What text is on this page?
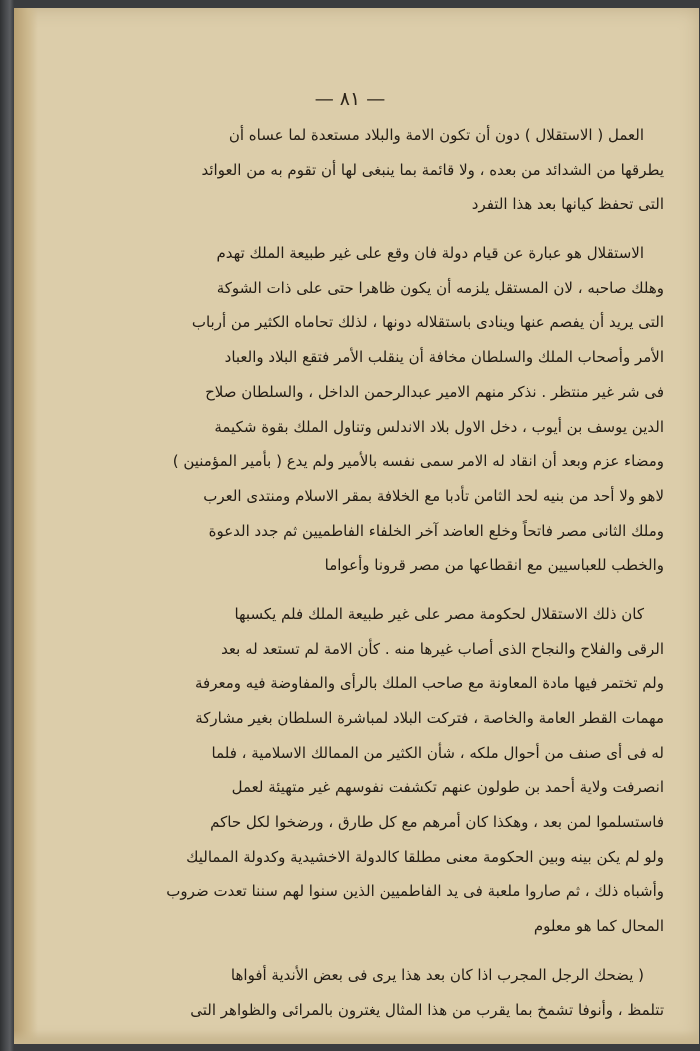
— ٨١ —
العمل ( الاستقلال ) دون أن تكون الامة والبلاد مستعدة لما عساه أن
يطرقها من الشدائد من بعده ، ولا قائمة بما ينبغى لها أن تقوم به من العوائد
التى تحفظ كيانها بعد هذا التفرد
الاستقلال هو عبارة عن قيام دولة فان وقع على غير طبيعة الملك تهدم
وهلك صاحبه ، لان المستقل يلزمه أن يكون ظاهرا حتى على ذات الشوكة
التى يريد أن يفصم عنها وينادى باستقلاله دونها ، لذلك تحاماه الكثير من أرباب
الأمر وأصحاب الملك والسلطان مخافة أن ينقلب الأمر فتقع البلاد والعباد
فى شر غير منتظر . نذكر منهم الامير عبدالرحمن الداخل ، والسلطان صلاح
الدين يوسف بن أيوب ، دخل الاول بلاد الاندلس وتناول الملك بقوة شكيمة
ومضاء عزم وبعد أن انقاد له الامر سمى نفسه بالأمير ولم يدع ( بأمير المؤمنين )
لاهو ولا أحد من بنيه لحد الثامن تأدبا مع الخلافة بمقر الاسلام ومنتدى العرب
وملك الثانى مصر فاتحاً وخلع العاضد آخر الخلفاء الفاطميين ثم جدد الدعوة
والخطب للعباسيين مع انقطاعها من مصر قرونا وأعواما
كان ذلك الاستقلال لحكومة مصر على غير طبيعة الملك فلم يكسبها
الرقى والفلاح والنجاح الذى أصاب غيرها منه . كأن الامة لم تستعد له بعد
ولم تختمر فيها مادة المعاونة مع صاحب الملك بالرأى والمفاوضة فيه ومعرفة
مهمات القطر العامة والخاصة ، فتركت البلاد لمباشرة السلطان بغير مشاركة
له فى أى صنف من أحوال ملكه ، شأن الكثير من الممالك الاسلامية ، فلما
انصرفت ولاية أحمد بن طولون عنهم تكشفت نفوسهم غير متهيئة لعمل
فاستسلموا لمن بعد ، وهكذا كان أمرهم مع كل طارق ، ورضخوا لكل حاكم
ولو لم يكن بينه وبين الحكومة معنى مطلقا كالدولة الاخشيدية وكدولة المماليك
وأشباه ذلك ، ثم صاروا ملعبة فى يد الفاطميين الذين سنوا لهم سننا تعدت ضروب
المحال كما هو معلوم
( يضحك الرجل المجرب اذا كان بعد هذا يرى فى بعض الأندية أفواها
تتلمظ ، وأنوفا تشمخ بما يقرب من هذا المثال يغترون بالمرائى والظواهر التى
